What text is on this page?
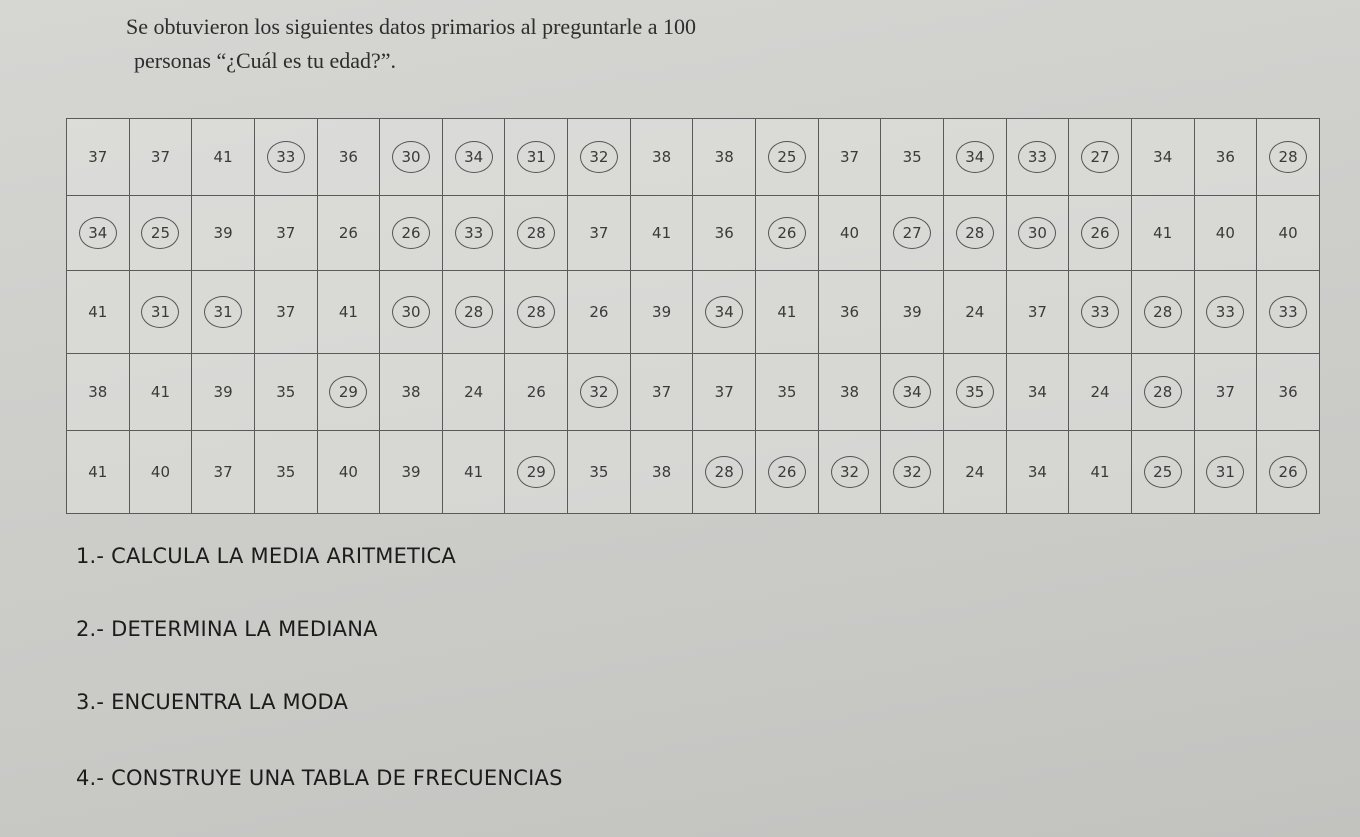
Se obtuvieron los siguientes datos primarios al preguntarle a 100
personas “¿Cuál es tu edad?”.

37	37	41	33	36	30	34	31	32	38	38	25	37	35	34	33	27	34	36	28
34	25	39	37	26	26	33	28	37	41	36	26	40	27	28	30	26	41	40	40
41	31	31	37	41	30	28	28	26	39	34	41	36	39	24	37	33	28	33	33
38	41	39	35	29	38	24	26	32	37	37	35	38	34	35	34	24	28	37	36
41	40	37	35	40	39	41	29	35	38	28	26	32	32	24	34	41	25	31	26

1.- CALCULA LA MEDIA ARITMETICA

2.- DETERMINA LA MEDIANA

3.- ENCUENTRA LA MODA

4.- CONSTRUYE UNA TABLA DE FRECUENCIAS
